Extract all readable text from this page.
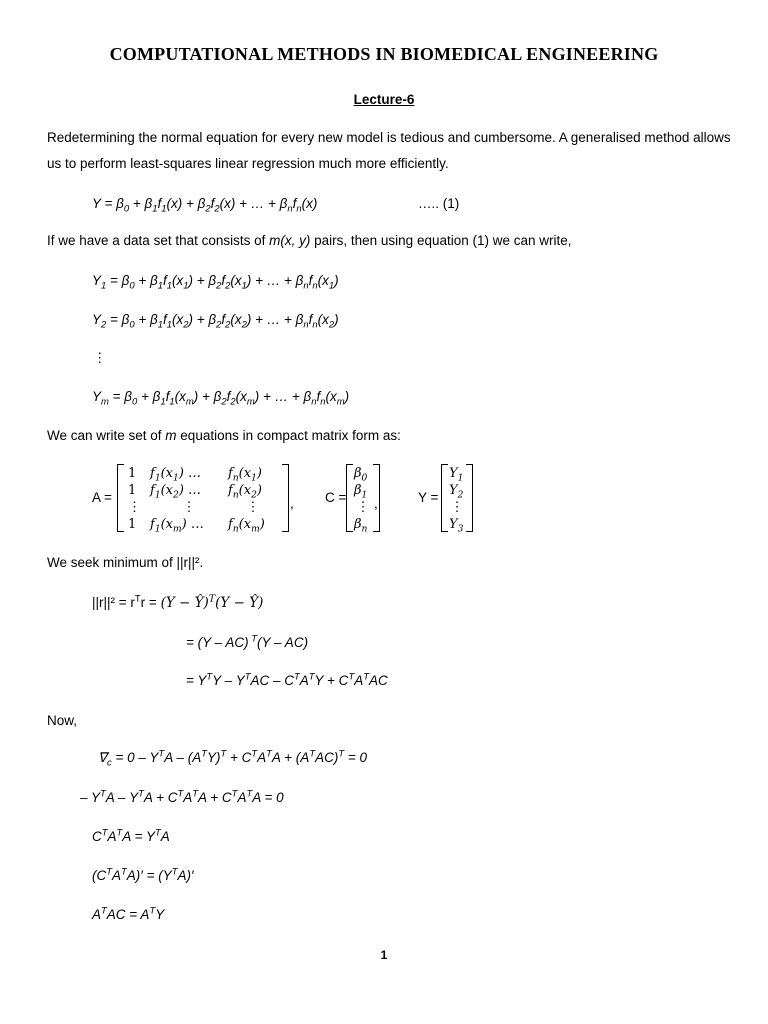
COMPUTATIONAL METHODS IN BIOMEDICAL ENGINEERING
Lecture-6
Redetermining the normal equation for every new model is tedious and cumbersome. A generalised method allows us to perform least-squares linear regression much more efficiently.
$Y = \beta_0 + \beta_1f_1(x) + \beta_2f_2(x)$ + … + $\beta_nf_n(x)$	….. (1)
If we have a data set that consists of m(x, y) pairs, then using equation (1) we can write,
$Y_1 = \beta_0 + \beta_1f_1(x_1) + \beta_2f_2(x_1)$ + … + $\beta_nf_n(x_1)$
$Y_2 = \beta_0 + \beta_1f_1(x_2) + \beta_2f_2(x_2)$ + … + $\beta_nf_n(x_2)$
⋮
$Y_m = \beta_0 + \beta_1f_1(x_m) + \beta_2f_2(x_m)$ + … + $\beta_nf_n(x_m)$
We can write set of m equations in compact matrix form as:
A =
1	$f_1(x_1)$ …	$f_n(x_1)$
1	$f_1(x_2)$ …	$f_n(x_2)$
⋮	⋮	⋮
1	$f_1(x_m)$ …	$f_n(x_m)$
, C =
$\beta_0$
$\beta_1$
⋮
$\beta_n$
,	Y =
$Y_1$
$Y_2$
⋮
$Y_3$
We seek minimum of ||r||².
$||r||^2 = r^Tr = (Y$ − Ŷ)$^T$(Y − Ŷ)
= (Y – AC) $^T$(Y – AC)
= $Y^TY - Y^TAC - C^TA^TY + C^TA^TAC$
Now,
$\nabla_c = 0 - Y^TA - (A^TY)^T + C^TA^TA + (A^TAC)^T = 0$
– $Y^TA - Y^TA + C^TA^TA + C^TA^TA = 0$
$C^TA^TA = Y^TA$
$(C^TA^TA)' = (Y^TA)'$
$A^TAC = A^TY$
1
